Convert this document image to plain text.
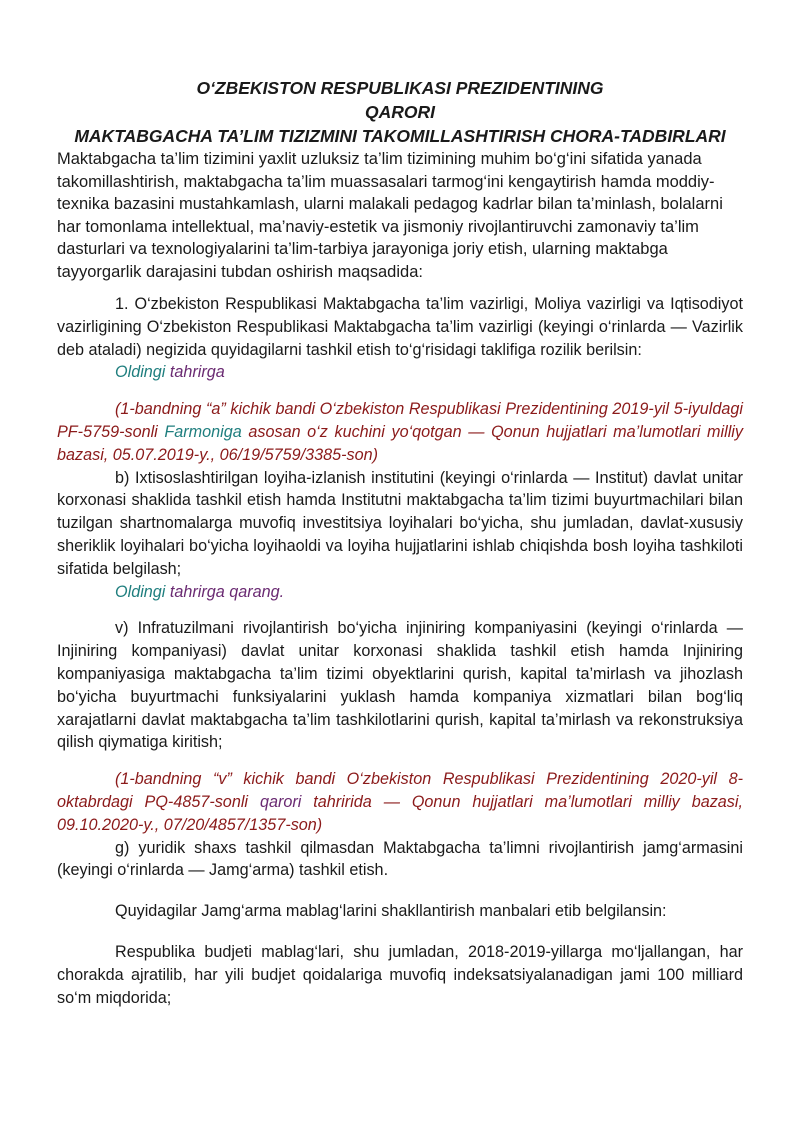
O‘ZBEKISTON RESPUBLIKASI PREZIDENTINING
QARORI
MAKTABGACHA TA’LIM TIZIZMINI TAKOMILLASHTIRISH CHORA-TADBIRLARI

Maktabgacha ta’lim tizimini yaxlit uzluksiz ta’lim tizimining muhim bo‘g‘ini sifatida yanada takomillashtirish, maktabgacha ta’lim muassasalari tarmog‘ini kengaytirish hamda moddiy-texnika bazasini mustahkamlash, ularni malakali pedagog kadrlar bilan ta’minlash, bolalarni har tomonlama intellektual, ma’naviy-estetik va jismoniy rivojlantiruvchi zamonaviy ta’lim dasturlari va texnologiyalarini ta’lim-tarbiya jarayoniga joriy etish, ularning maktabga tayyorgarlik darajasini tubdan oshirish maqsadida:

1. O‘zbekiston Respublikasi Maktabgacha ta’lim vazirligi, Moliya vazirligi va Iqtisodiyot vazirligining O‘zbekiston Respublikasi Maktabgacha ta’lim vazirligi (keyingi o‘rinlarda — Vazirlik deb ataladi) negizida quyidagilarni tashkil etish to‘g‘risidagi taklifiga rozilik berilsin:

Oldingi tahrirga

(1-bandning “a” kichik bandi O‘zbekiston Respublikasi Prezidentining 2019-yil 5-iyuldagi PF-5759-sonli Farmoniga asosan o‘z kuchini yo‘qotgan — Qonun hujjatlari ma’lumotlari milliy bazasi, 05.07.2019-y., 06/19/5759/3385-son)

b) Ixtisoslashtirilgan loyiha-izlanish institutini (keyingi o‘rinlarda — Institut) davlat unitar korxonasi shaklida tashkil etish hamda Institutni maktabgacha ta’lim tizimi buyurtmachilari bilan tuzilgan shartnomalarga muvofiq investitsiya loyihalari bo‘yicha, shu jumladan, davlat-xususiy sheriklik loyihalari bo‘yicha loyihaoldi va loyiha hujjatlarini ishlab chiqishda bosh loyiha tashkiloti sifatida belgilash;

Oldingi tahrirga qarang.

v) Infratuzilmani rivojlantirish bo‘yicha injiniring kompaniyasini (keyingi o‘rinlarda — Injiniring kompaniyasi) davlat unitar korxonasi shaklida tashkil etish hamda Injiniring kompaniyasiga maktabgacha ta’lim tizimi obyektlarini qurish, kapital ta’mirlash va jihozlash bo‘yicha buyurtmachi funksiyalarini yuklash hamda kompaniya xizmatlari bilan bog‘liq xarajatlarni davlat maktabgacha ta’lim tashkilotlarini qurish, kapital ta’mirlash va rekonstruksiya qilish qiymatiga kiritish;

(1-bandning “v” kichik bandi O‘zbekiston Respublikasi Prezidentining 2020-yil 8-oktabrdagi PQ-4857-sonli qarori tahririda — Qonun hujjatlari ma’lumotlari milliy bazasi, 09.10.2020-y., 07/20/4857/1357-son)

g) yuridik shaxs tashkil qilmasdan Maktabgacha ta’limni rivojlantirish jamg‘armasini (keyingi o‘rinlarda — Jamg‘arma) tashkil etish.

Quyidagilar Jamg‘arma mablag‘larini shakllantirish manbalari etib belgilansin:

Respublika budjeti mablag‘lari, shu jumladan, 2018-2019-yillarga mo‘ljallangan, har chorakda ajratilib, har yili budjet qoidalariga muvofiq indeksatsiyalanadigan jami 100 milliard so‘m miqdorida;
